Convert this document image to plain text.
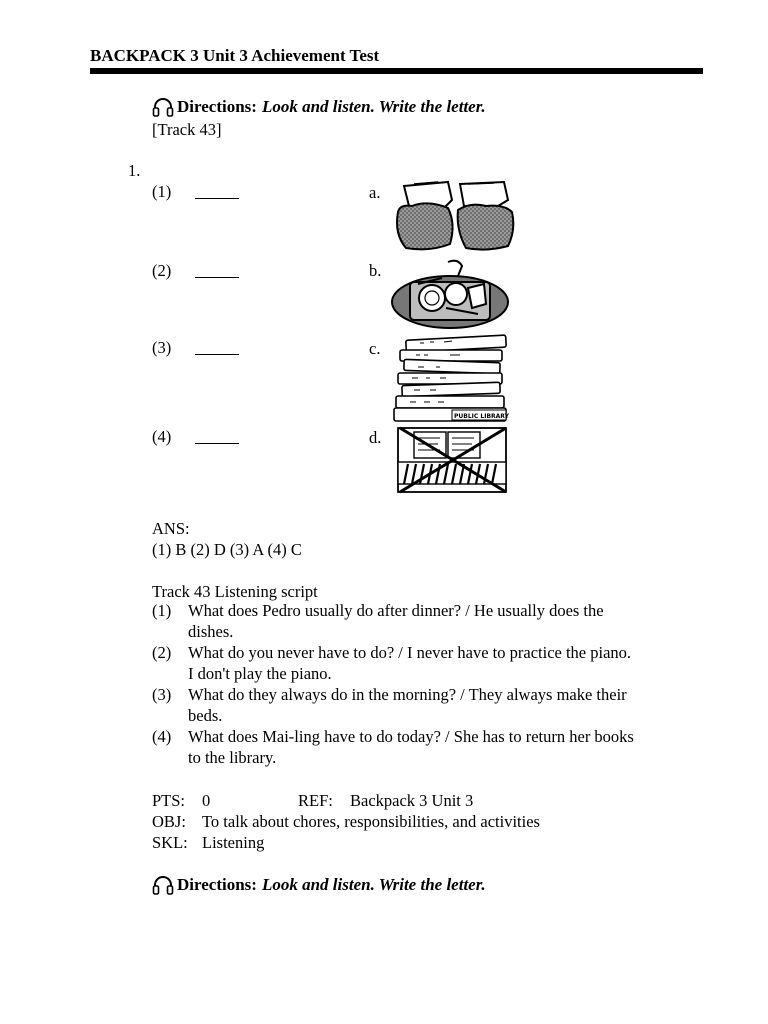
BACKPACK 3 Unit 3 Achievement Test
Directions: Look and listen. Write the letter.
[Track 43]
1.
(1)	a.
(2)	b.
(3)	c.
(4)	d.
PUBLIC LIBRARY
ANS:
(1) B (2) D (3) A (4) C
Track 43 Listening script
(1)	What does Pedro usually do after dinner? / He usually does the
dishes.
(2)	What do you never have to do? / I never have to practice the piano.
I don't play the piano.
(3)	What do they always do in the morning? / They always make their
beds.
(4)	What does Mai-ling have to do today? / She has to return her books
to the library.
PTS: 0	REF: Backpack 3 Unit 3
OBJ: To talk about chores, responsibilities, and activities
SKL: Listening
Directions: Look and listen. Write the letter.
